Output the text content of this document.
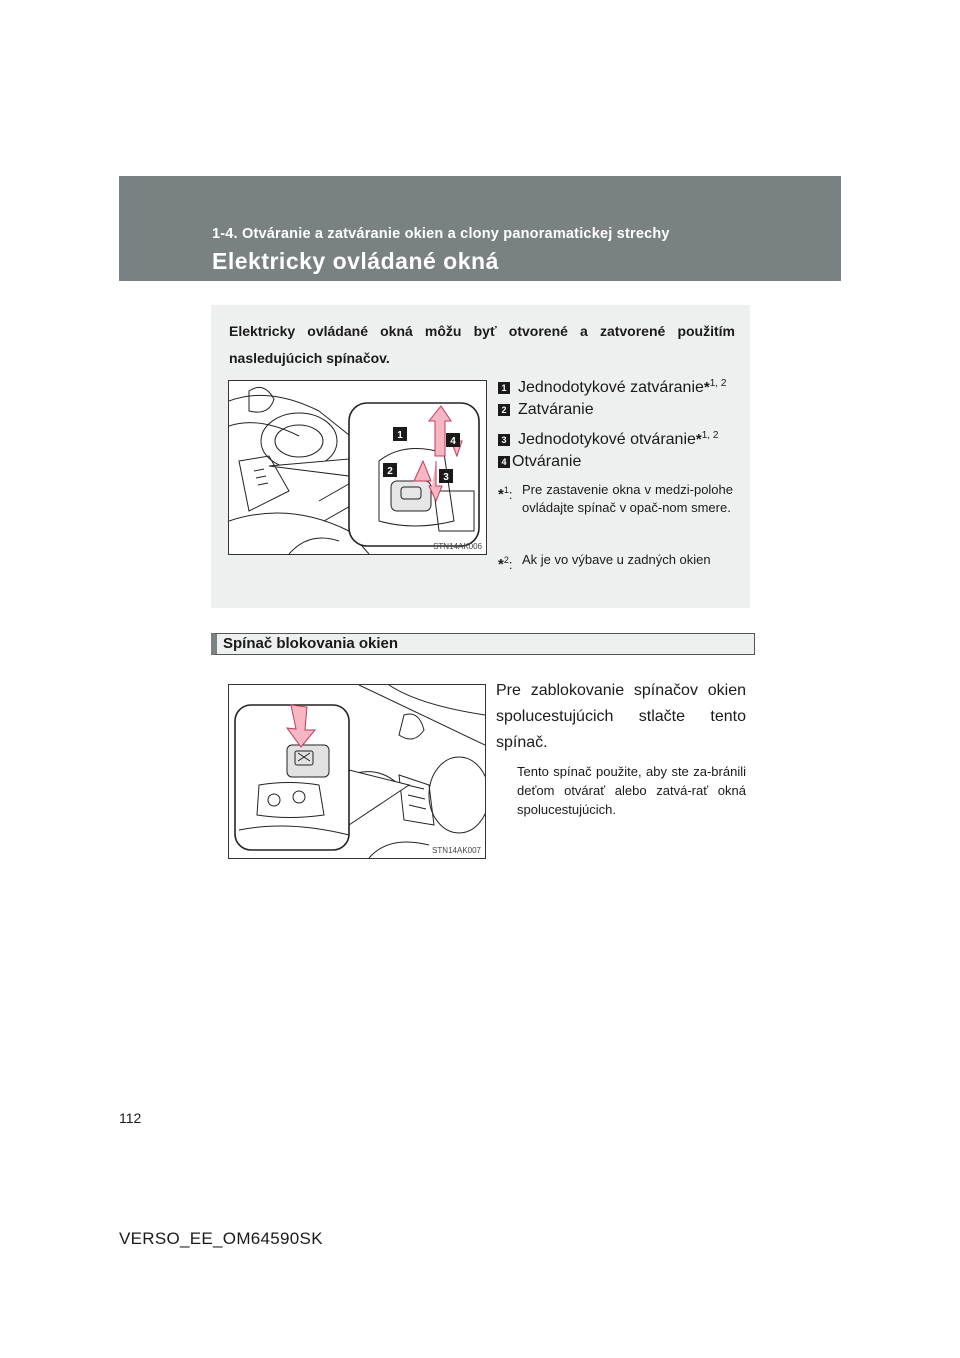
1-4. Otváranie a zatváranie okien a clony panoramatickej strechy
Elektricky ovládané okná
Elektricky ovládané okná môžu byť otvorené a zatvorené použitím nasledujúcich spínačov.
1
4
2
3
STN14AK006
1 Jednodotykové zatváranie*$^{1, 2}$
2 Zatváranie
3 Jednodotykové otváranie*$^{1, 2}$
4 Otváranie
*$^1$: Pre zastavenie okna v medzi-polohe ovládajte spínač v opač-nom smere.
*$^2$: Ak je vo výbave u zadných okien
Spínač blokovania okien
STN14AK007
Pre zablokovanie spínačov okien spolucestujúcich stlačte tento spínač.
Tento spínač použite, aby ste za-bránili deťom otvárať alebo zatvá-rať okná spolucestujúcich.
112
VERSO_EE_OM64590SK
